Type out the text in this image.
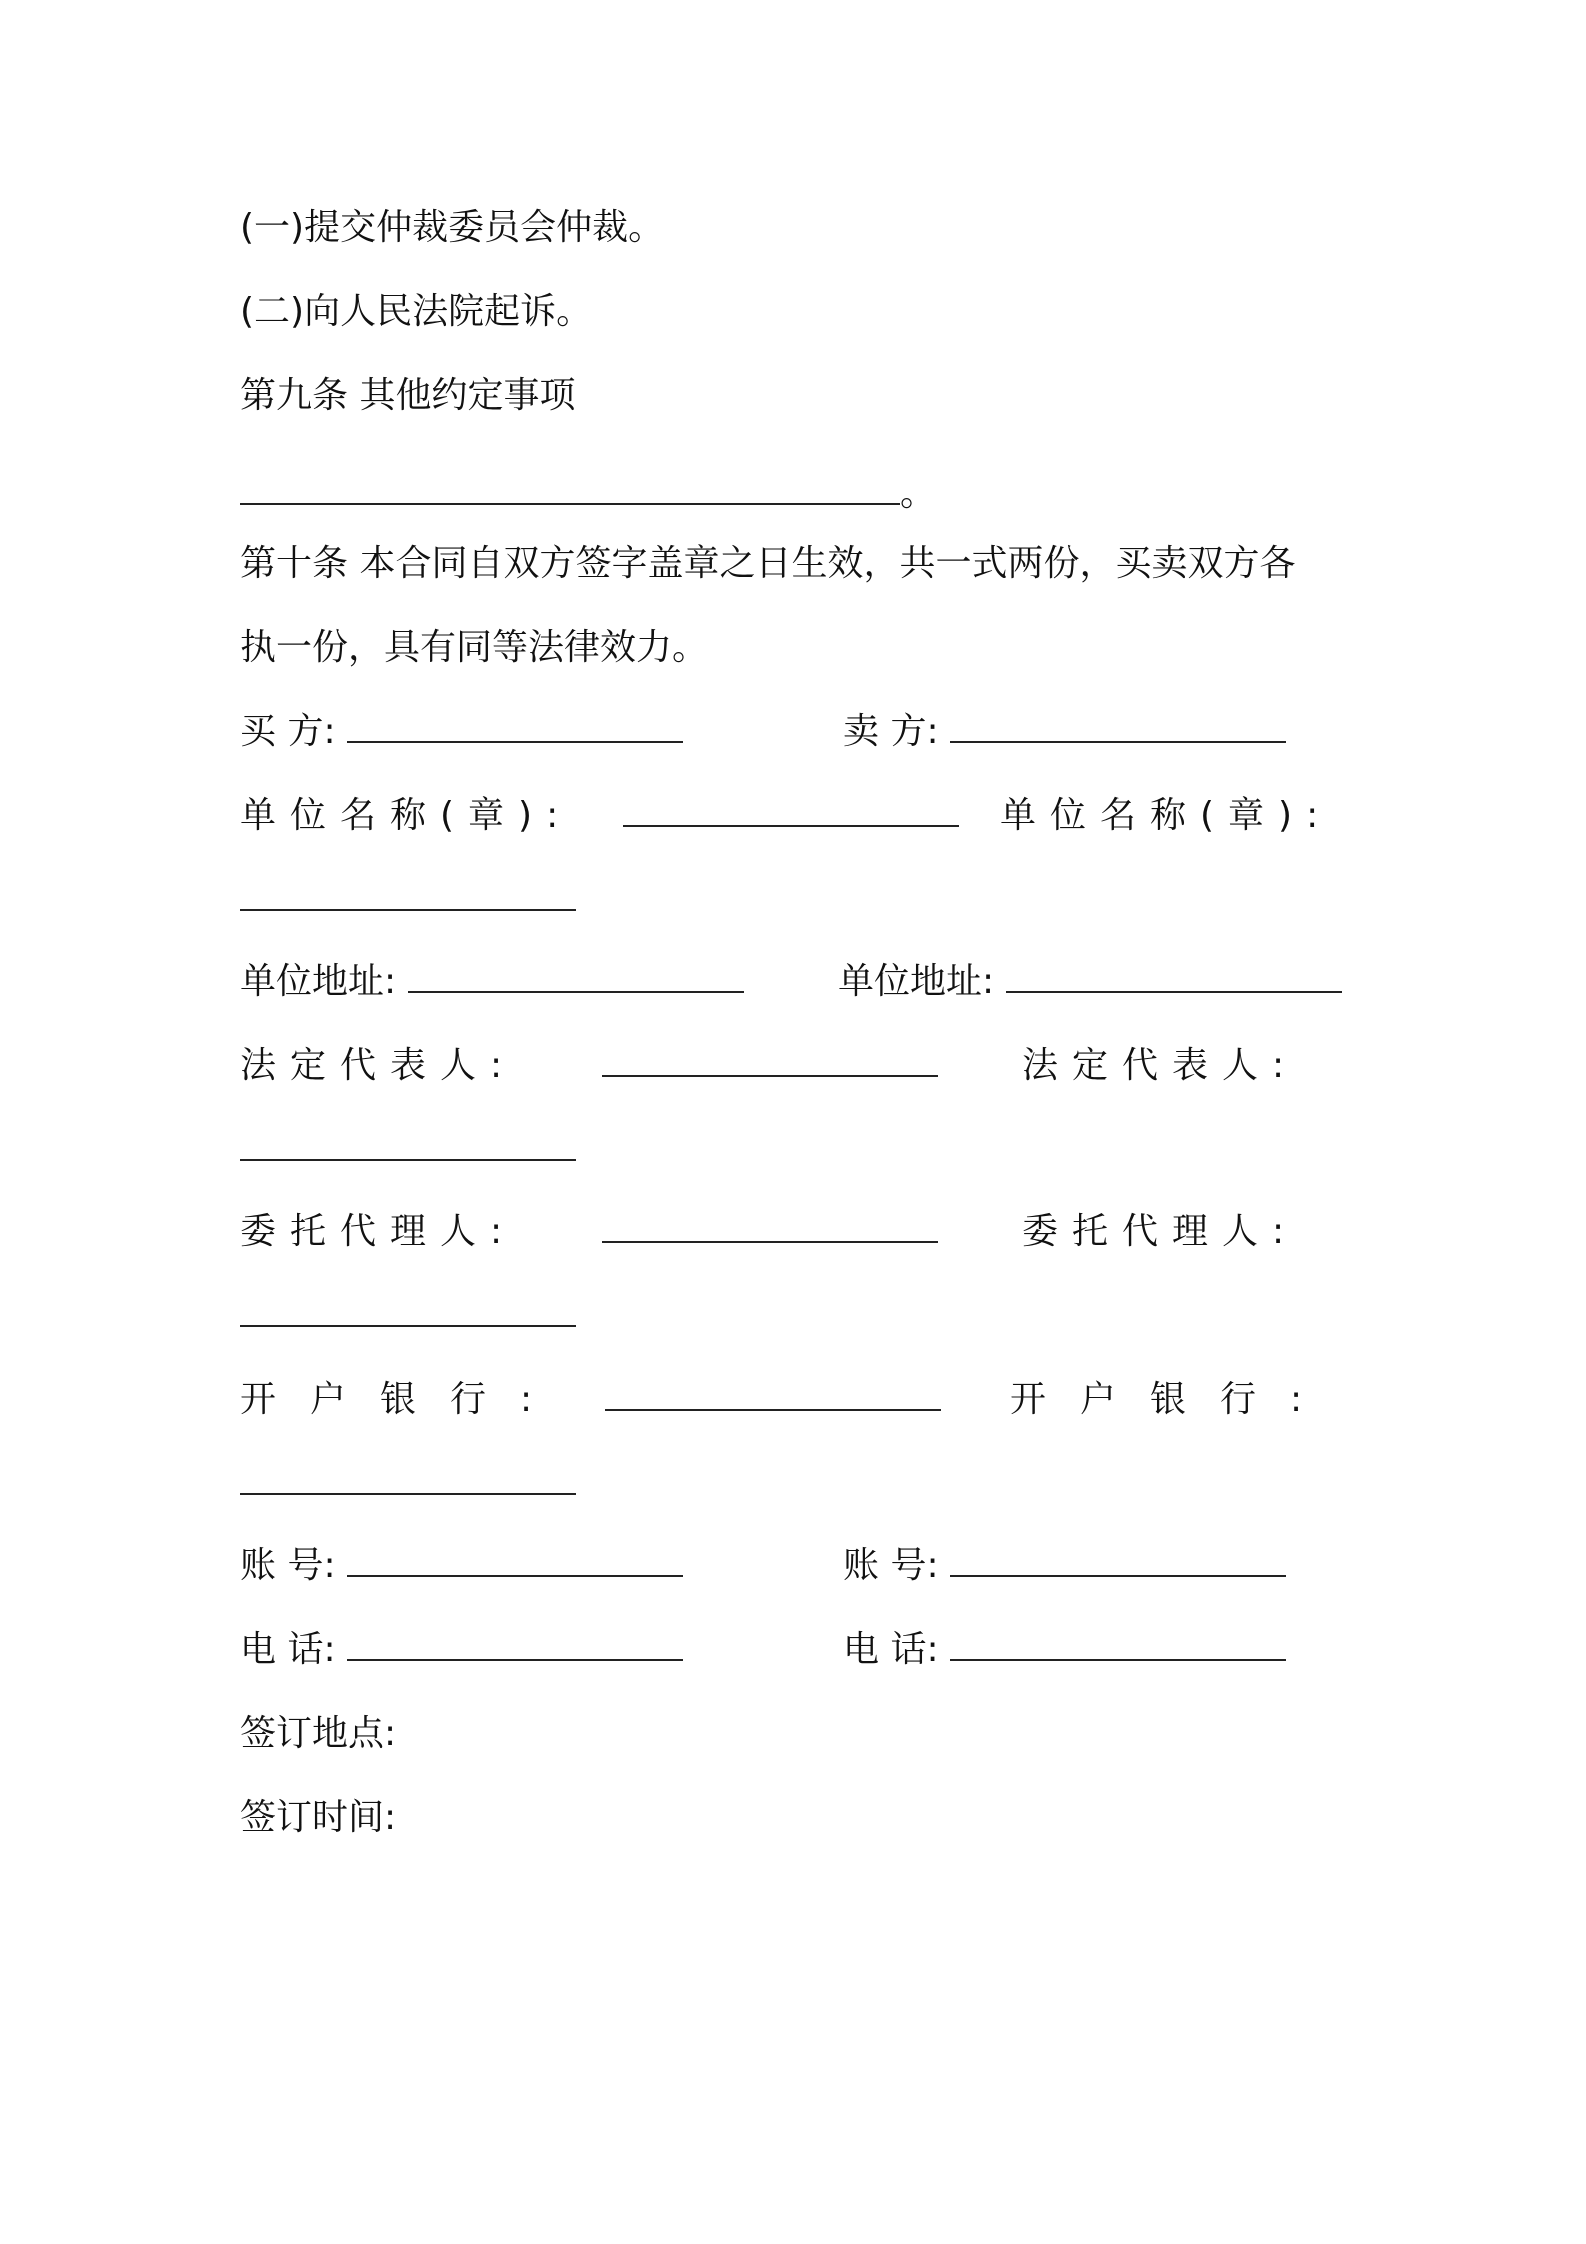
(一)提交仲裁委员会仲裁。
(二)向人民法院起诉。
第九条 其他约定事项
。
第十条 本合同自双方签字盖章之日生效，共一式两份，买卖双方各
执一份，具有同等法律效力。
买 方:	卖 方:
单位名称(章):	单位名称(章):
单位地址:	单位地址:
法定代表人:	法定代表人:
委托代理人:	委托代理人:
开户银行:	开户银行:
账 号:	账 号:
电 话:	电 话:
签订地点:
签订时间:
